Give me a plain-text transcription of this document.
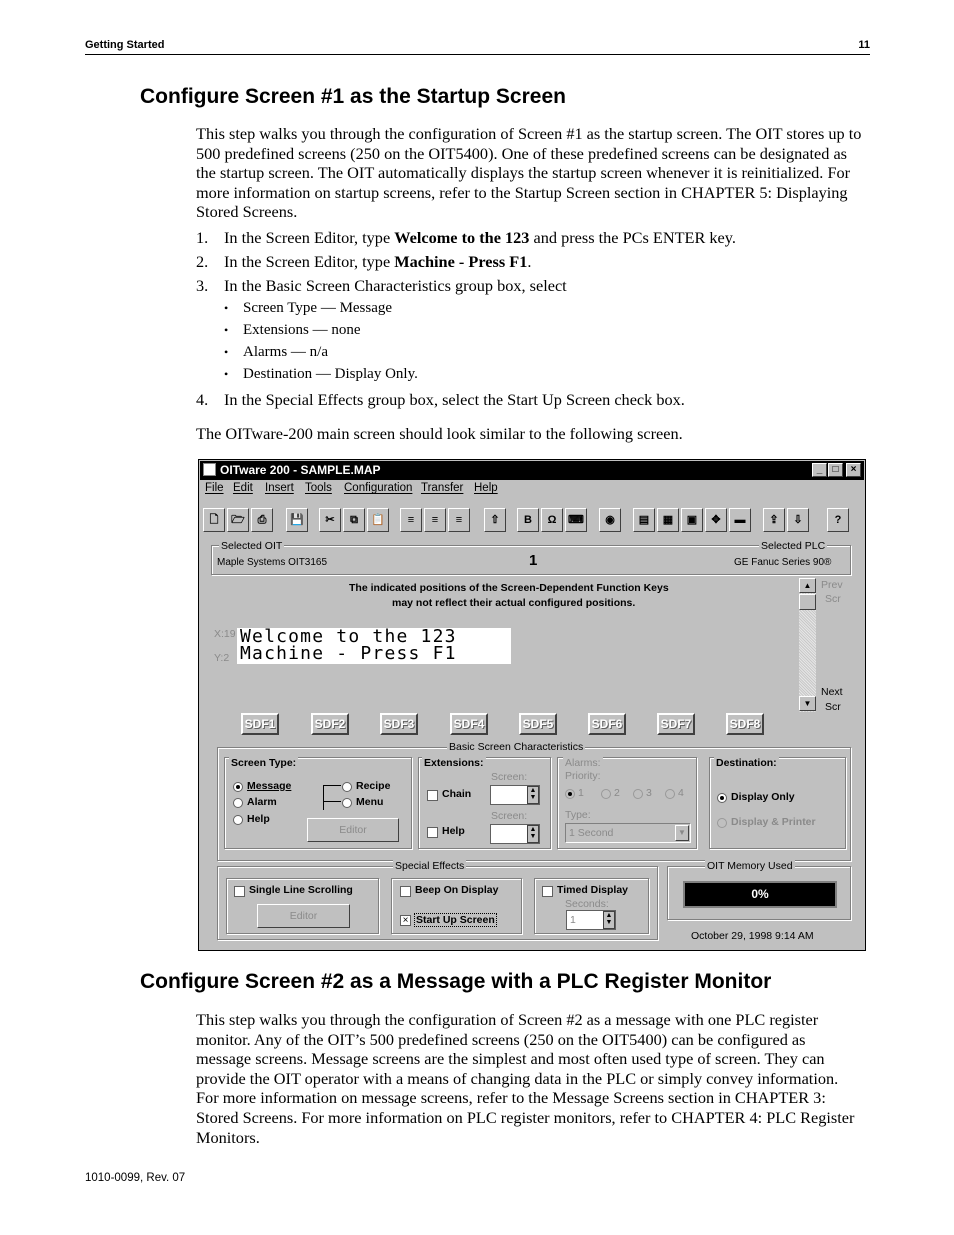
Getting Started	11
Configure Screen #1 as the Startup Screen

This step walks you through the configuration of Screen #1 as the startup screen. The OIT stores up to 500 predefined screens (250 on the OIT5400). One of these predefined screens can be designated as the startup screen. The OIT automatically displays the startup screen whenever it is reinitialized. For more information on startup screens, refer to the Startup Screen section in CHAPTER 5: Displaying Stored Screens.

1. In the Screen Editor, type Welcome to the 123 and press the PCs ENTER key.
2. In the Screen Editor, type Machine - Press F1.
3. In the Basic Screen Characteristics group box, select
• Screen Type — Message
• Extensions — none
• Alarms — n/a
• Destination — Display Only.
4. In the Special Effects group box, select the Start Up Screen check box.

The OITware-200 main screen should look similar to the following screen.

OITware 200 - SAMPLE.MAP	_	□	×
File Edit Insert Tools Configuration Transfer Help
🗋	🗁	⎙	💾	✂	⧉	📋	≡	≡	≡	⇧	B	Ω	⌨	◉	▤	▦	▣	✥	▬	⇪	⇩	?
Selected OIT
Maple Systems OIT3165	1
Selected PLC
GE Fanuc Series 90®
The indicated positions of the Screen-Dependent Function Keys
may not reflect their actual configured positions.
X:19
Y:2
Welcome to the 123
Machine - Press F1
▲
▼
Prev
Scr
Next
Scr
SDF1	SDF2	SDF3	SDF4	SDF5	SDF6	SDF7	SDF8
Basic Screen Characteristics
Screen Type:
Message
Alarm
Help
Recipe
Menu
Editor
Extensions:
Chain
Screen:
▲
▼
Help
Screen:
▲
▼
Alarms:
Priority:
1	2 3 4
Type:
1 Second	▼
Destination:
Display Only
Display & Printer
Special Effects
Single Line Scrolling
Editor
Beep On Display
× Start Up Screen
Timed Display
Seconds:
1	▲
▼
OIT Memory Used
0%
October 29, 1998 9:14 AM
Configure Screen #2 as a Message with a PLC Register Monitor

This step walks you through the configuration of Screen #2 as a message with one PLC register monitor. Any of the OIT’s 500 predefined screens (250 on the OIT5400) can be configured as message screens. Message screens are the simplest and most often used type of screen. They can provide the OIT operator with a means of changing data in the PLC or simply convey information. For more information on message screens, refer to the Message Screens section in CHAPTER 3: Stored Screens. For more information on PLC register monitors, refer to CHAPTER 4: PLC Register Monitors.

1010-0099, Rev. 07
